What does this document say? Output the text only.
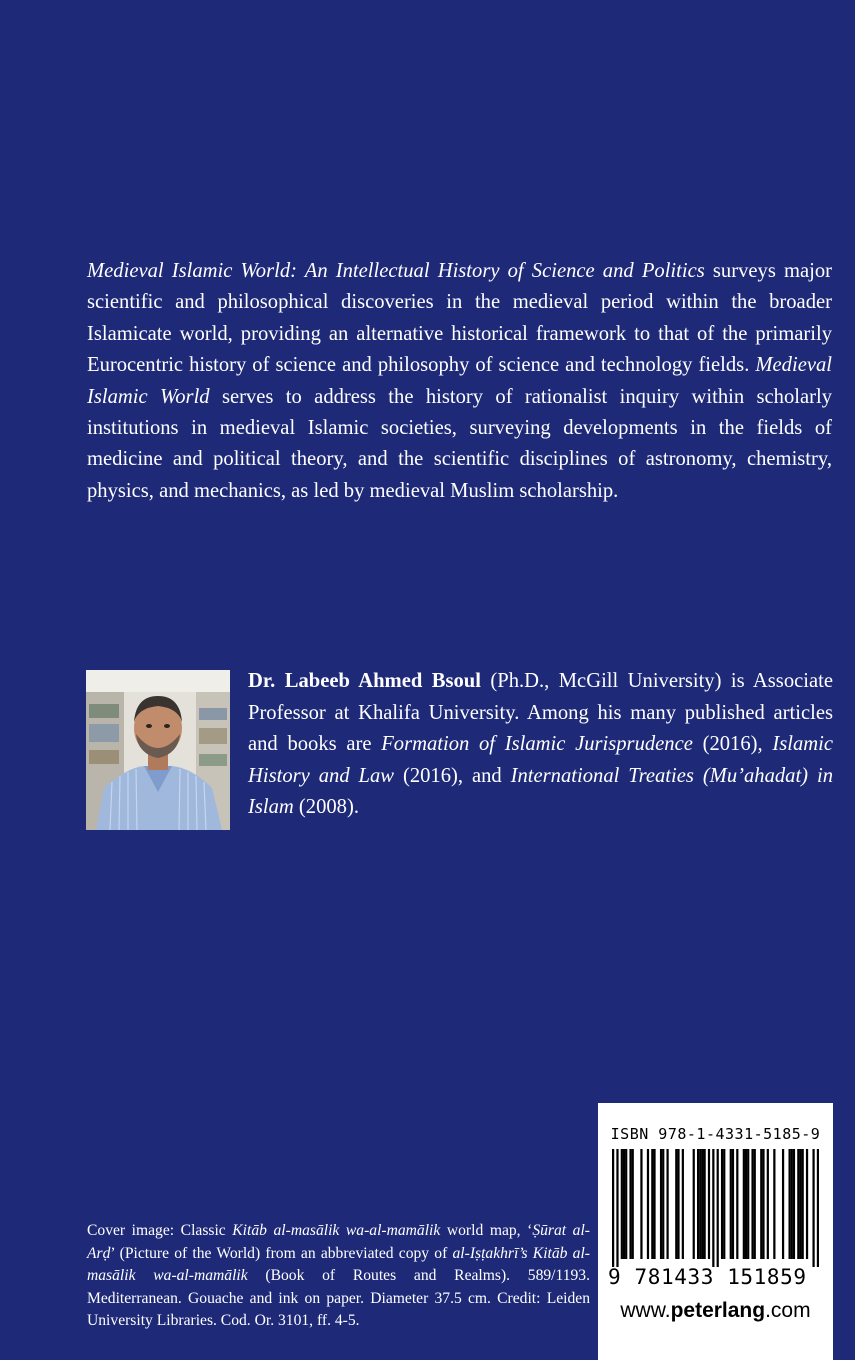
Medieval Islamic World: An Intellectual History of Science and Politics surveys major scientific and philosophical discoveries in the medieval period within the broader Islamicate world, providing an alternative historical framework to that of the primarily Eurocentric history of science and philosophy of science and technology fields. Medieval Islamic World serves to address the history of rationalist inquiry within scholarly institutions in medieval Islamic societies, surveying developments in the fields of medicine and political theory, and the scientific disciplines of astronomy, chemistry, physics, and mechanics, as led by medieval Muslim scholarship.
Dr. Labeeb Ahmed Bsoul (Ph.D., McGill University) is Associate Professor at Khalifa University. Among his many published articles and books are Formation of Islamic Jurisprudence (2016), Islamic History and Law (2016), and International Treaties (Mu’ahadat) in Islam (2008).
Cover image: Classic Kitāb al-masālik wa-al-mamālik world map, ‘Ṣūrat al-Arḍ’ (Picture of the World) from an abbreviated copy of al-Iṣṭakhrī’s Kitāb al-masālik wa-al-mamālik (Book of Routes and Realms). 589/1193. Mediterranean. Gouache and ink on paper. Diameter 37.5 cm. Credit: Leiden University Libraries. Cod. Or. 3101, ff. 4-5.
ISBN 978-1-4331-5185-9
9 781433 151859
www.peterlang.com
